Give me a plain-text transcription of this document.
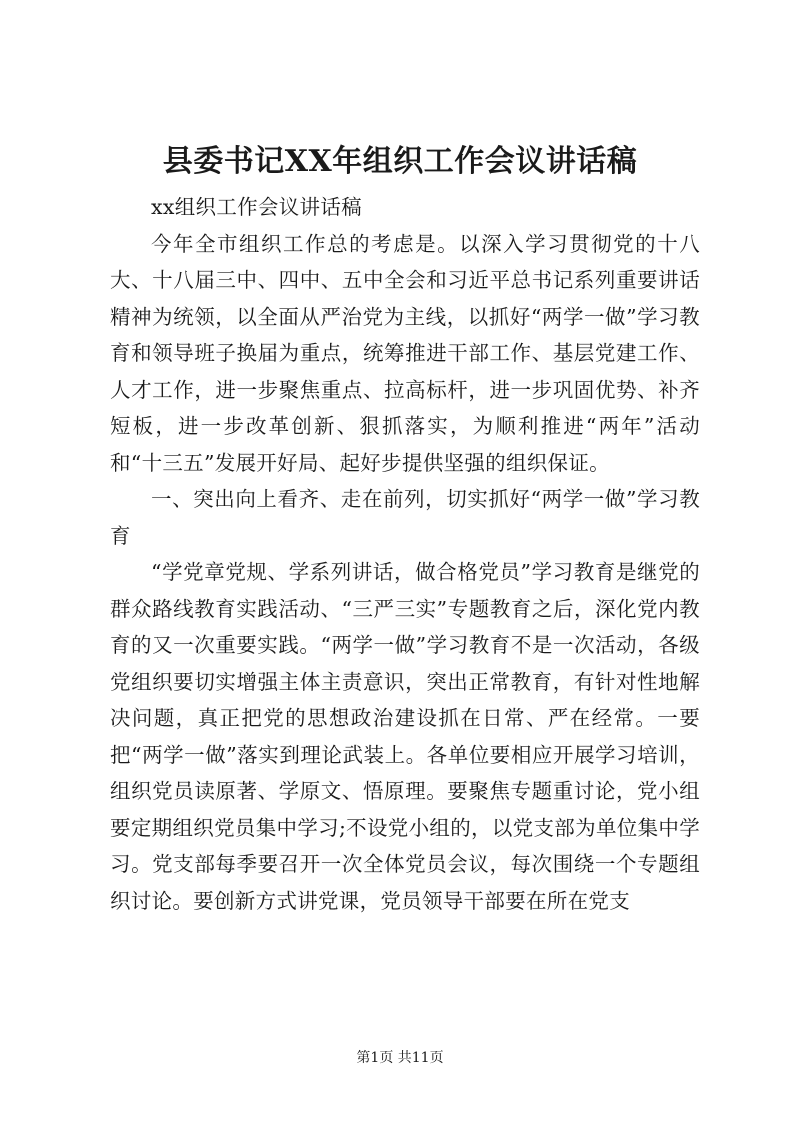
县委书记XX年组织工作会议讲话稿

xx组织工作会议讲话稿

今年全市组织工作总的考虑是。以深入学习贯彻党的十八大、十八届三中、四中、五中全会和习近平总书记系列重要讲话精神为统领，以全面从严治党为主线，以抓好“两学一做”学习教育和领导班子换届为重点，统筹推进干部工作、基层党建工作、人才工作，进一步聚焦重点、拉高标杆，进一步巩固优势、补齐短板，进一步改革创新、狠抓落实，为顺利推进“两年”活动和“十三五”发展开好局、起好步提供坚强的组织保证。

一、突出向上看齐、走在前列，切实抓好“两学一做”学习教育

“学党章党规、学系列讲话，做合格党员”学习教育是继党的群众路线教育实践活动、“三严三实”专题教育之后，深化党内教育的又一次重要实践。“两学一做”学习教育不是一次活动，各级党组织要切实增强主体主责意识，突出正常教育，有针对性地解决问题，真正把党的思想政治建设抓在日常、严在经常。一要把“两学一做”落实到理论武装上。各单位要相应开展学习培训，组织党员读原著、学原文、悟原理。要聚焦专题重讨论，党小组要定期组织党员集中学习;不设党小组的，以党支部为单位集中学习。党支部每季要召开一次全体党员会议，每次围绕一个专题组织讨论。要创新方式讲党课，党员领导干部要在所在党支

第1页 共11页
